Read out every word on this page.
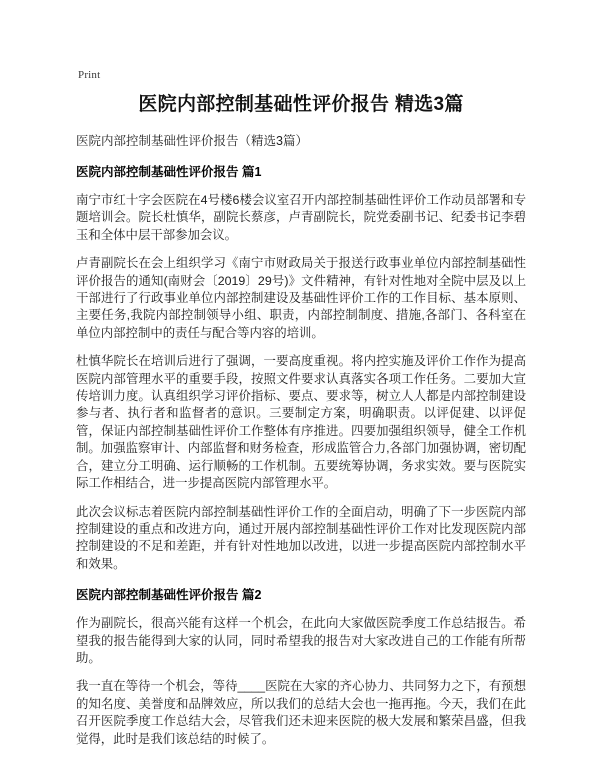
Print
医院内部控制基础性评价报告 精选3篇

医院内部控制基础性评价报告（精选3篇）

医院内部控制基础性评价报告 篇1

南宁市红十字会医院在4号楼6楼会议室召开内部控制基础性评价工作动员部署和专题培训会。院长杜慎华，副院长蔡彦，卢青副院长，院党委副书记、纪委书记李碧玉和全体中层干部参加会议。

卢青副院长在会上组织学习《南宁市财政局关于报送行政事业单位内部控制基础性评价报告的通知(南财会〔2019〕29号)》文件精神，有针对性地对全院中层及以上干部进行了行政事业单位内部控制建设及基础性评价工作的工作目标、基本原则、主要任务,我院内部控制领导小组、职责，内部控制制度、措施,各部门、各科室在单位内部控制中的责任与配合等内容的培训。

杜慎华院长在培训后进行了强调，一要高度重视。将内控实施及评价工作作为提高医院内部管理水平的重要手段，按照文件要求认真落实各项工作任务。二要加大宣传培训力度。认真组织学习评价指标、要点、要求等，树立人人都是内部控制建设参与者、执行者和监督者的意识。三要制定方案，明确职责。以评促建、以评促管，保证内部控制基础性评价工作整体有序推进。四要加强组织领导，健全工作机制。加强监察审计、内部监督和财务检查，形成监管合力,各部门加强协调，密切配合，建立分工明确、运行顺畅的工作机制。五要统筹协调，务求实效。要与医院实际工作相结合，进一步提高医院内部管理水平。

此次会议标志着医院内部控制基础性评价工作的全面启动，明确了下一步医院内部控制建设的重点和改进方向，通过开展内部控制基础性评价工作对比发现医院内部控制建设的不足和差距，并有针对性地加以改进，以进一步提高医院内部控制水平和效果。

医院内部控制基础性评价报告 篇2

作为副院长，很高兴能有这样一个机会，在此向大家做医院季度工作总结报告。希望我的报告能得到大家的认同，同时希望我的报告对大家改进自己的工作能有所帮助。

我一直在等待一个机会，等待____医院在大家的齐心协力、共同努力之下，有预想的知名度、美誉度和品牌效应，所以我们的总结大会也一拖再拖。今天，我们在此召开医院季度工作总结大会，尽管我们还未迎来医院的极大发展和繁荣昌盛，但我觉得，此时是我们该总结的时候了。
